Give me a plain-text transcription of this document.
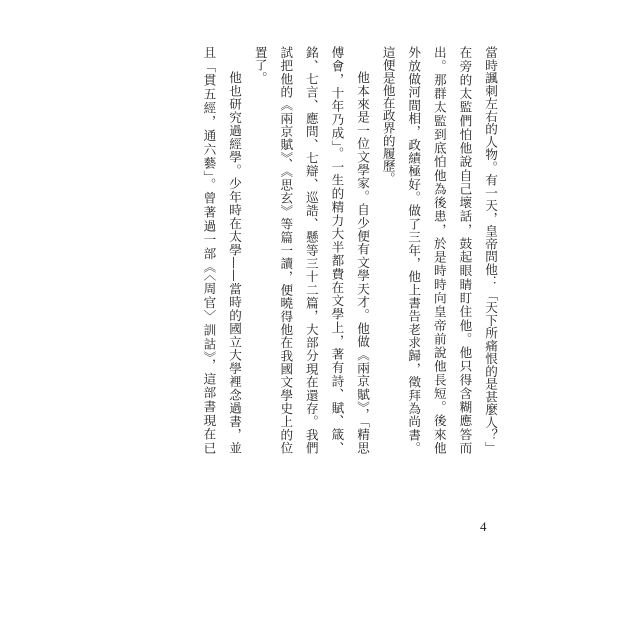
當時諷刺左右的人物。有一天，皇帝問他：「天下所痛恨的是甚麼人？」
在旁的太監們怕他說自己壞話，鼓起眼睛盯住他。他只得含糊應答而
出。那群太監到底怕他為後患，於是時時向皇帝前說他長短。後來他
外放做河間相，政績極好。做了三年，他上書告老求歸，徵拜為尚書。
這便是他在政界的履歷。
他本來是一位文學家。自少便有文學天才。他做《兩京賦》，「精思
傅會，十年乃成」。一生的精力大半都費在文學上，著有詩、賦、箴、
銘、七言、應問、七辯、巡誥、懸等三十二篇，大部分現在還存。我們
試把他的《兩京賦》、《思玄》等篇一讀，便曉得他在我國文學史上的位
置了。
他也研究過經學。少年時在太學——當時的國立大學裡念過書，並
且「貫五經，通六藝」。曾著過一部《〈周官〉訓詁》，這部書現在已
4
